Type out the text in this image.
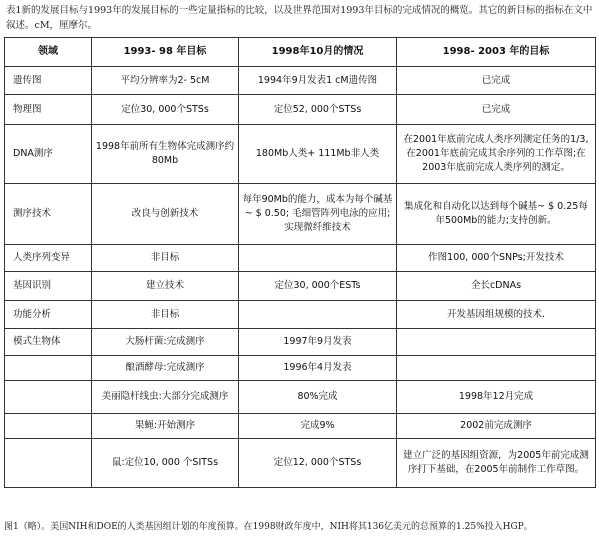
表1新的发展目标与1993年的发展目标的一些定量指标的比较，以及世界范围对1993年目标的完成情况的概览。其它的新目标的指标在文中叙述。cM，厘摩尔。
领域	1993- 98 年目标	1998年10月的情况	1998- 2003 年的目标
遗传图	平均分辨率为2- 5cM	1994年9月发表1 cM遗传图	已完成
物理图	定位30, 000个STSs	定位52, 000个STSs	已完成
DNA测序	1998年前所有生物体完成测序约80Mb	180Mb人类+ 111Mb非人类	在2001年底前完成人类序列测定任务的1/3,在2001年底前完成其余序列的工作草图;在2003年底前完成人类序列的测定。
测序技术	改良与创新技术	每年90Mb的能力，成本为每个碱基~ $ 0.50; 毛细管阵列电泳的应用;实现微纤维技术	集成化和自动化以达到每个碱基~ $ 0.25每年500Mb的能力;支持创新。
人类序列变异	非目标		作图100, 000个SNPs;开发技术
基因识别	建立技术	定位30, 000个ESTs	全长cDNAs
功能分析	非目标		开发基因组规模的技术.
模式生物体	大肠杆菌:完成测序	1997年9月发表	
	酿酒酵母:完成测序	1996年4月发表	
	美丽隐杆线虫:大部分完成测序	80%完成	1998年12月完成
	果蝇:开始测序	完成9%	2002前完成测序
	鼠:定位10, 000 个SITSs	定位12, 000个STSs	建立广泛的基因组资源，为2005年前完成测序打下基础，在2005年前制作工作草图。
图1（略）。美国NIH和DOE的人类基因组计划的年度预算。在1998财政年度中，NIH将其136亿美元的总预算的1.25%投入HGP。
